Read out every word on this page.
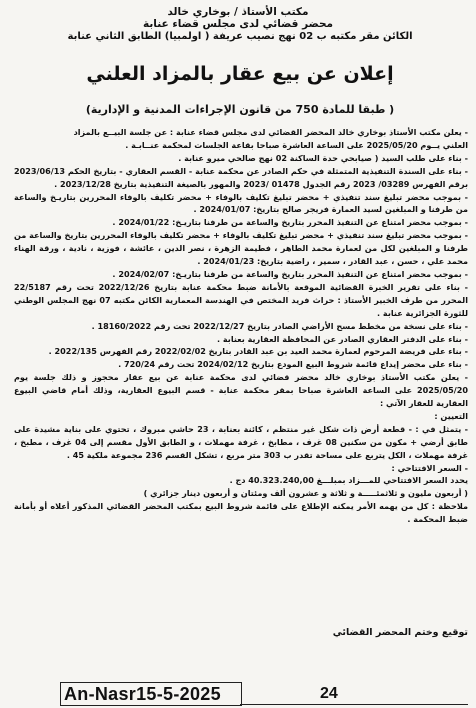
مكتب الأستاذ / بوخاري خالد
محضر قضائي لدى مجلس قضاء عنابة
الكائن مقر مكتبه ب 02 نهج نصيب عريفة ( اولمبيا) الطابق الثاني عنابة
إعلان عن بيع عقار بالمزاد العلني
( طبقا للمادة 750 من قانون الإجراءات المدنية و الإدارية)

- يعلن مكتب الأستاذ بوخاري خالد المحضر القضائي لدى مجلس قضاء عنابة : عن جلسة البيــع بالمزاد

العلني يــوم 2025/05/20 على الساعة العاشرة صباحا بقاعة الجلسات لمحكمة عنــابـة .

- بناء على طلب السيد ( صيابحي حدة الساكنة 02 نهج صالحي ميرو عنابة .

- بناء على السندة التنفيذية المتمثلة في حكم الصادر عن محكمة عنابة - القسم العقاري - بتاريخ الحكم 2023/06/13 برقم الفهرس 03289/ 2023 رقم الجدول 01478 /2023 والمهور بالصيغة التنفيذية بتاريخ 2023/12/28 .

- بموجب محضر تبليغ سند تنفيذي + محضر تبليغ تكليف بالوفاء + محضر تكليف بالوفاء المحررين بتاريـخ والساعة من طرفنا و المبلغين لسيد العمارة فريجر صالح بتاريخ: 2024/01/07 .

- بموجب محضر امتناع عن التنفيذ المحرر بتاريخ والساعة من طرفنا بتاريـخ: 2024/01/22 .

- بموجب محضر تبليغ سند تنفيذي + محضر تبليغ تكليف بالوفاء + محضر تكليف بالوفاء المحررين بتاريخ والساعة من طرفنا و المبلغين لكل من لعمارة محمد الطاهر ، فطيمة الزهرة ، نصر الدين ، عائشة ، فوزية ، نادية ، ورقة الهناء محمد علي ، حسن ، عبد القادر ، سمير ، راضية بتاريخ: 2024/01/23 .

- بموجب محضر امتناع عن التنفيذ المحرر بتاريخ والساعة من طرفنا بتاريـخ: 2024/02/07 .

- بناء على تقرير الخبرة القضائية الموقعة بالأمانة ضبط محكمة عنابة بتاريخ 2022/12/26 تحت رقم 22/5187 المحرر من طرف الخبير الأستاذ : حراث فريد المختص في الهندسة المعمارية الكائن مكتبه 07 نهج المجلس الوطني للثورة الجزائرية عنابة .

- بناء على نسخة من مخطط مسح الأراضي الصادر بتاريخ 2022/12/27 تحت رقم 18160/2022 .

- بناء على الدفتر العقاري الصادر عن المحافظة العقارية بعنابة .

- بناء على فريضة المرحوم لعمارة محمد العيد بن عبد القادر بتاريخ 2022/02/02 رقم الفهرس 2022/135 .

- بناء على محضر إيداع قائمة شروط البيع المودع بتاريخ 2024/02/12 تحت رقم 720/24 .

- يعلن مكتب الأستاذ بوخاري خالد محضر قضائي لدى محكمة عنابة عن بيع عقار محجوز و ذلك جلسة يوم 2025/05/20 على الساعة العاشرة صباحا بمقر محكمة عنابة - قسم البيوع العقارية، وذلك أمام قاضي البيوع العقارية للعقار الآتي :

التعيين :

- يتمثل في : - قطعة أرض ذات شكل غير منتظم ، كائنة بعنابة ، 23 حاشي مبروك ، تحتوي على بناية مشيدة على طابق أرضي + مكون من سكنين 08 غرف ، مطابخ ، غرفة مهملات ، و الطابق الأول مقسم إلى 04 غرف ، مطبخ ، غرفة مهملات ، الكل يتربع على مساحة تقدر ب 303 متر مربع ، تشكل القسم 236 مجموعة ملكية 45 .

- السعر الافتتاحي :

يحدد السعر الافتتاحي للمـــزاد بمبلـــغ 40.323.240,00 دج .

( أربعون مليون و ثلاثمئـــــة و ثلاثة و عشرون ألف ومئتان و أربعون دينار جزائري )

ملاحظة : كل من يهمه الأمر يمكنه الإطلاع على قائمة شروط البيع بمكتب المحضر القضائي المذكور أعلاه أو بأمانة ضبط المحكمة .

توقيع وختم المحضر القضائي
An-Nasr15-5-2025	24
